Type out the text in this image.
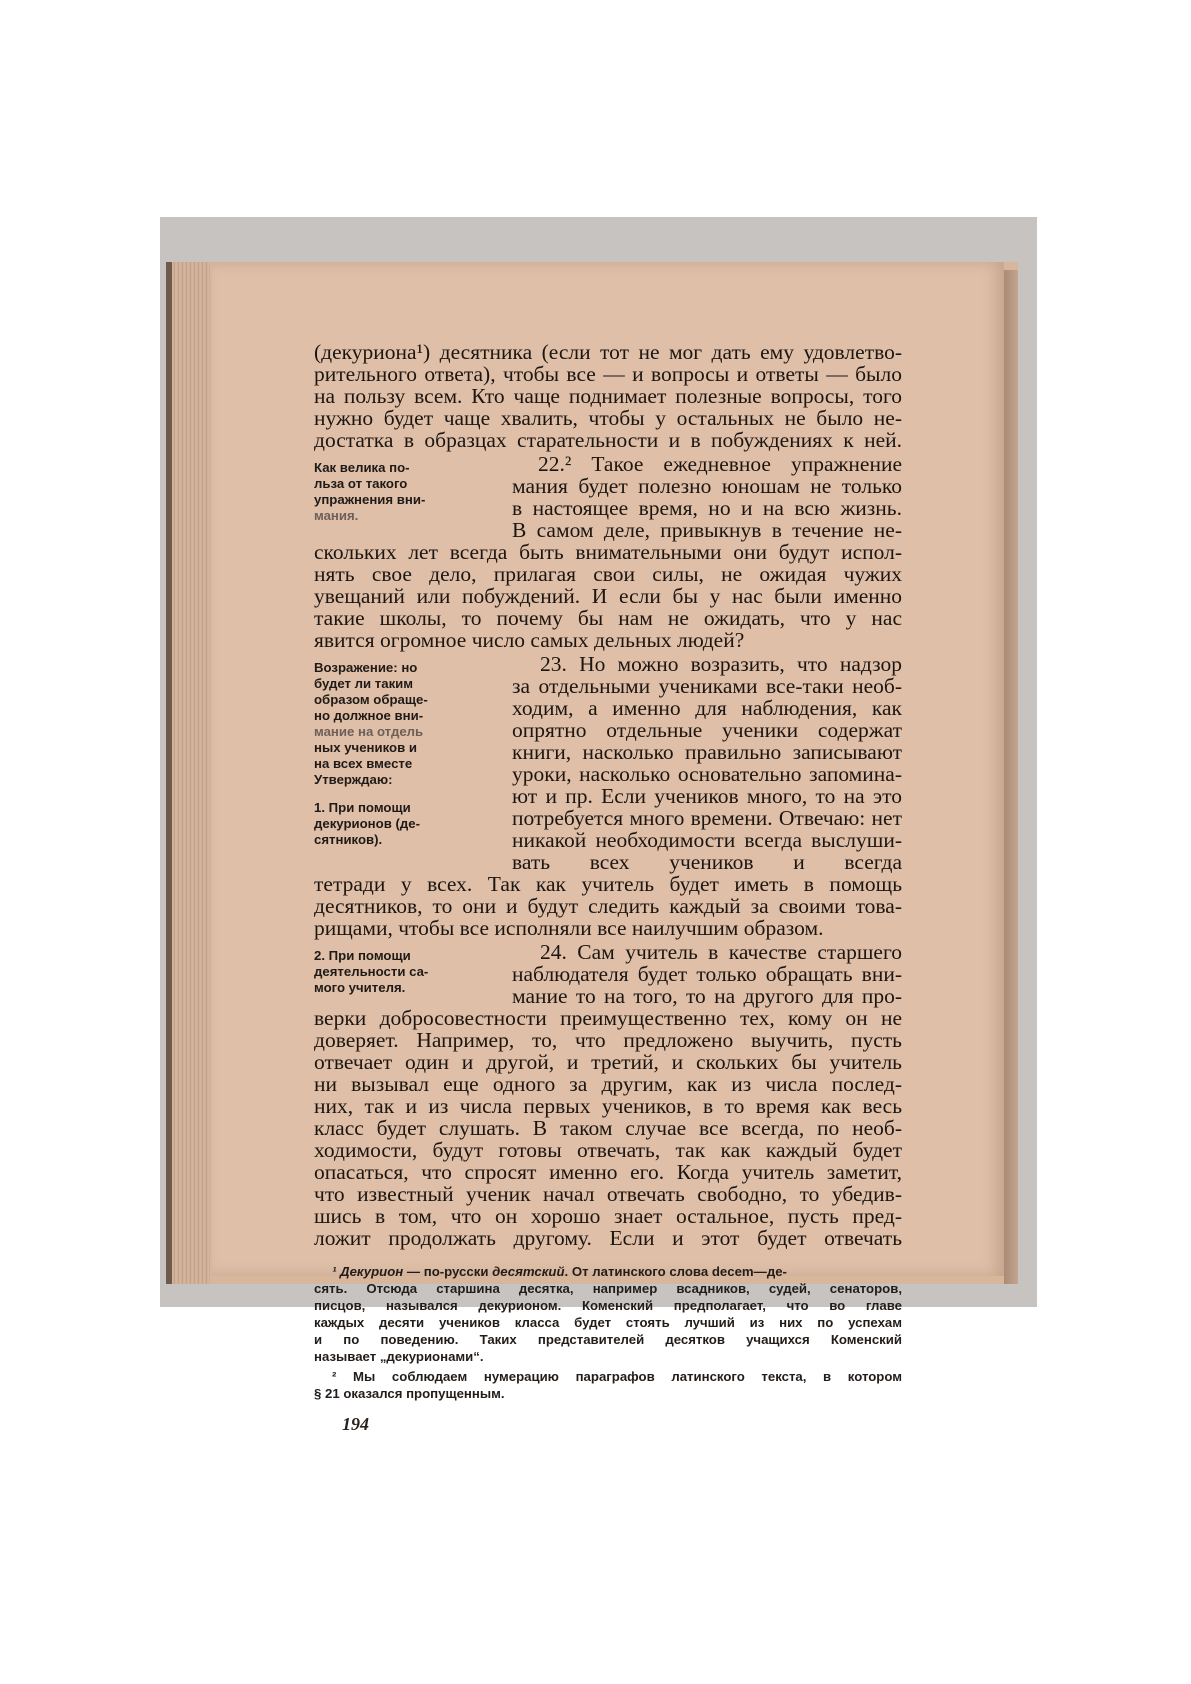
(декуриона¹) десятника (если тот не мог дать ему удовлетво-
рительного ответа), чтобы все — и вопросы и ответы — было
на пользу всем. Кто чаще поднимает полезные вопросы, того
нужно будет чаще хвалить, чтобы у остальных не было не-
достатка в образцах старательности и в побуждениях к ней.
22.² Такое ежедневное упражнение
мания будет полезно юношам не только
в настоящее время, но и на всю жизнь.
В самом деле, привыкнув в течение не-
скольких лет всегда быть внимательными они будут испол-
нять свое дело, прилагая свои силы, не ожидая чужих
увещаний или побуждений. И если бы у нас были именно
такие школы, то почему бы нам не ожидать, что у нас
явится огромное число самых дельных людей?
23. Но можно возразить, что надзор
за отдельными учениками все-таки необ-
ходим, а именно для наблюдения, как
опрятно отдельные ученики содержат
книги, насколько правильно записывают
уроки, насколько основательно запомина-
ют и пр. Если учеников много, то на это
потребуется много времени. Отвечаю: нет
никакой необходимости всегда выслуши-
вать всех учеников и всегда
тетради у всех. Так как учитель будет иметь в помощь
десятников, то они и будут следить каждый за своими това-
рищами, чтобы все исполняли все наилучшим образом.
24. Сам учитель в качестве старшего
наблюдателя будет только обращать вни-
мание то на того, то на другого для про-
верки добросовестности преимущественно тех, кому он не
доверяет. Например, то, что предложено выучить, пусть
отвечает один и другой, и третий, и скольких бы учитель
ни вызывал еще одного за другим, как из числа послед-
них, так и из числа первых учеников, в то время как весь
класс будет слушать. В таком случае все всегда, по необ-
ходимости, будут готовы отвечать, так как каждый будет
опасаться, что спросят именно его. Когда учитель заметит,
что известный ученик начал отвечать свободно, то убедив-
шись в том, что он хорошо знает остальное, пусть пред-
ложит продолжать другому. Если и этот будет отвечать
Как велика по-
льза от такого
упражнения вни-
мания.
Возражение: но
будет ли таким
образом обраще-
но должное вни-
мание на отдель
ных учеников и
на всех вместе
Утверждаю:
1. При помощи
декурионов (де-
сятников).
2. При помощи
деятельности са-
мого учителя.
¹ Декурион — по-русски десятский. От латинского слова decem—де-
сять. Отсюда старшина десятка, например всадников, судей, сенаторов,
писцов, назывался декурионом. Коменский предполагает, что во главе
каждых десяти учеников класса будет стоять лучший из них по успехам
и по поведению. Таких представителей десятков учащихся Коменский
называет „декурионами“.
² Мы соблюдаем нумерацию параграфов латинского текста, в котором
§ 21 оказался пропущенным.
194
